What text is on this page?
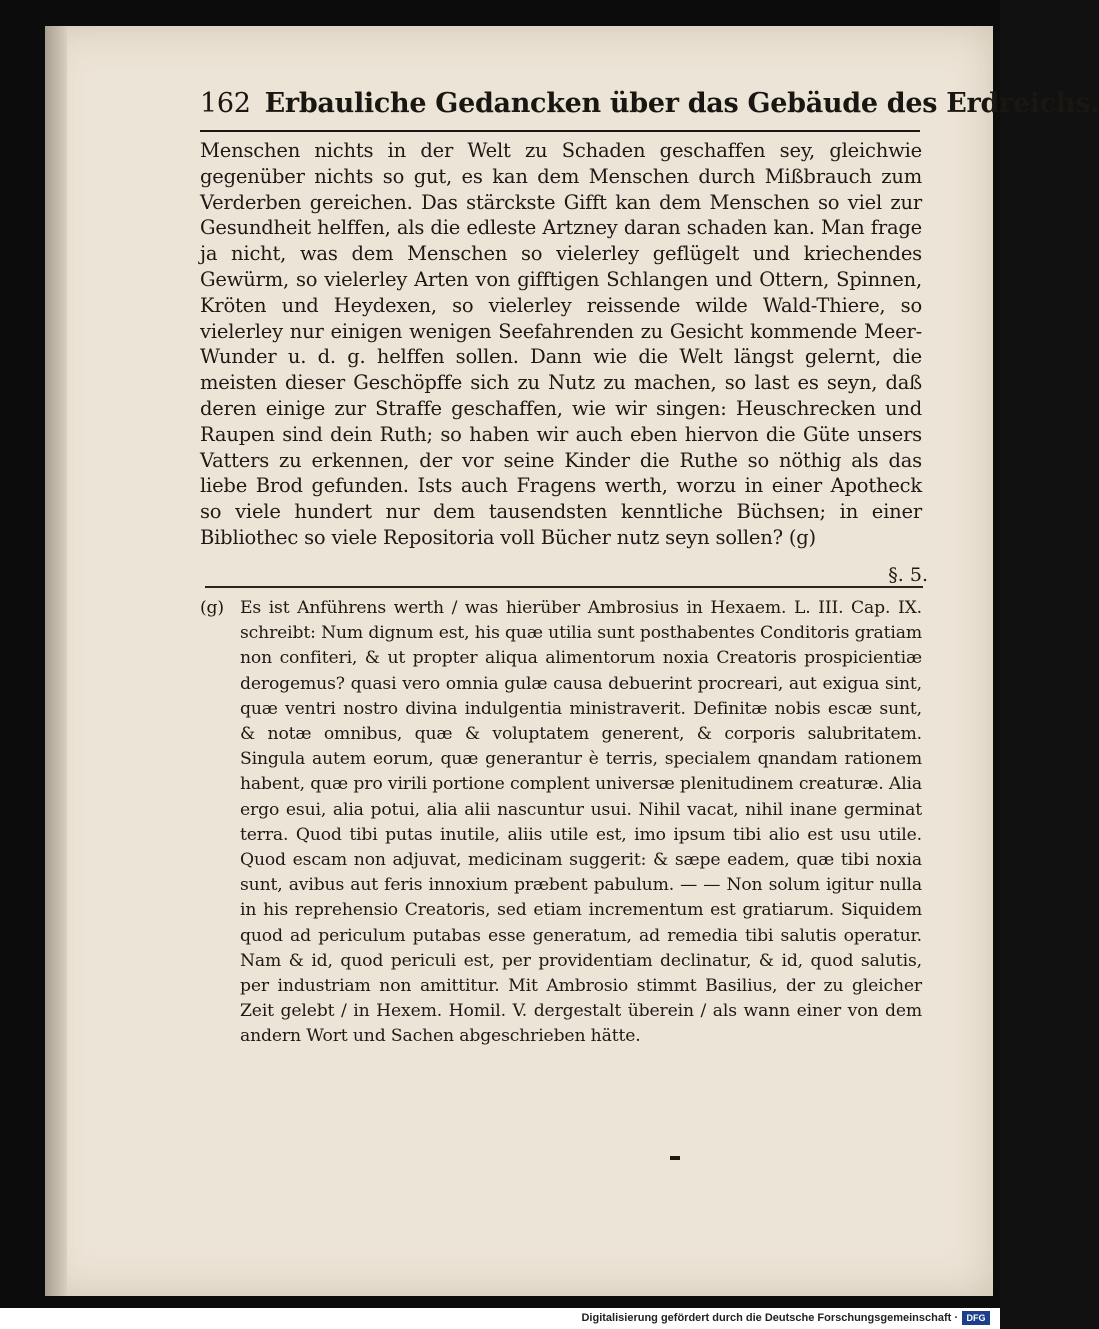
162 Erbauliche Gedancken über das Gebäude des Erdreichs.

Menschen nichts in der Welt zu Schaden geschaffen sey, gleichwie gegenüber nichts so gut, es kan dem Menschen durch Mißbrauch zum Verderben gereichen. Das stärckste Gifft kan dem Menschen so viel zur Gesundheit helffen, als die edleste Artzney daran schaden kan. Man frage ja nicht, was dem Menschen so vielerley geflügelt und kriechendes Gewürm, so vielerley Arten von gifftigen Schlangen und Ottern, Spinnen, Kröten und Heydexen, so vielerley reissende wilde Wald-Thiere, so vielerley nur einigen wenigen Seefahrenden zu Gesicht kommende Meer-Wunder u. d. g. helffen sollen. Dann wie die Welt längst gelernt, die meisten dieser Geschöpffe sich zu Nutz zu machen, so last es seyn, daß deren einige zur Straffe geschaffen, wie wir singen: Heuschrecken und Raupen sind dein Ruth; so haben wir auch eben hiervon die Güte unsers Vatters zu erkennen, der vor seine Kinder die Ruthe so nöthig als das liebe Brod gefunden. Ists auch Fragens werth, worzu in einer Apotheck so viele hundert nur dem tausendsten kenntliche Büchsen; in einer Bibliothec so viele Repositoria voll Bücher nutz seyn sollen? (g)

§. 5.

(g) Es ist Anführens werth / was hierüber Ambrosius in Hexaem. L. III. Cap. IX. schreibt: Num dignum est, his quæ utilia sunt posthabentes Conditoris gratiam non confiteri, & ut propter aliqua alimentorum noxia Creatoris prospicientiæ derogemus? quasi vero omnia gulæ causa debuerint procreari, aut exigua sint, quæ ventri nostro divina indulgentia ministraverit. Definitæ nobis escæ sunt, & notæ omnibus, quæ & voluptatem generent, & corporis salubritatem. Singula autem eorum, quæ generantur è terris, specialem qnandam rationem habent, quæ pro virili portione complent universæ plenitudinem creaturæ. Alia ergo esui, alia potui, alia alii nascuntur usui. Nihil vacat, nihil inane germinat terra. Quod tibi putas inutile, aliis utile est, imo ipsum tibi alio est usu utile. Quod escam non adjuvat, medicinam suggerit: & sæpe eadem, quæ tibi noxia sunt, avibus aut feris innoxium præbent pabulum. — — Non solum igitur nulla in his reprehensio Creatoris, sed etiam incrementum est gratiarum. Siquidem quod ad periculum putabas esse generatum, ad remedia tibi salutis operatur. Nam & id, quod periculi est, per providentiam declinatur, & id, quod salutis, per industriam non amittitur. Mit Ambrosio stimmt Basilius, der zu gleicher Zeit gelebt / in Hexem. Homil. V. dergestalt überein / als wann einer von dem andern Wort und Sachen abgeschrieben hätte.

Digitalisierung gefördert durch die Deutsche Forschungsgemeinschaft · DFG
